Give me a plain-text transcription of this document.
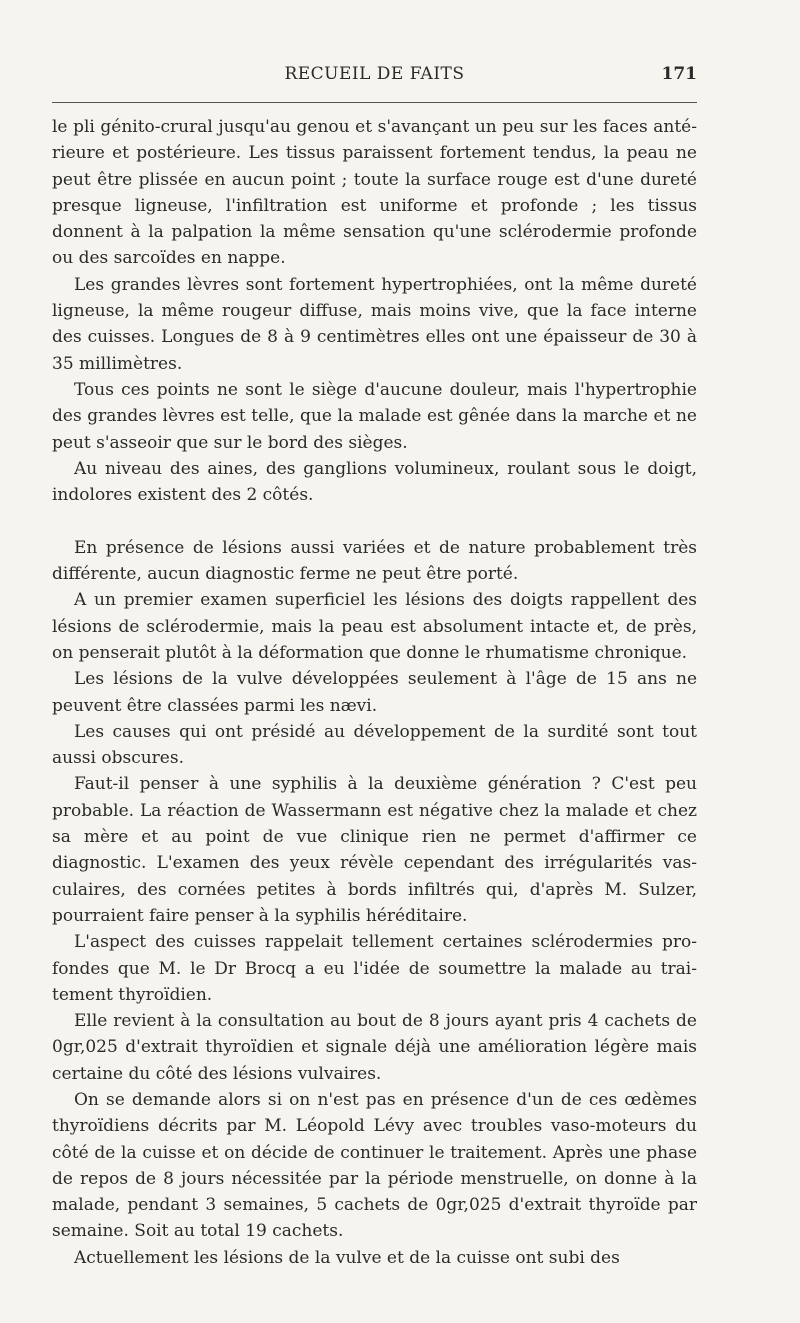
RECUEIL DE FAITS	171

le pli génito-crural jusqu'au genou et s'avançant un peu sur les faces antérieure et postérieure. Les tissus paraissent fortement tendus, la peau ne peut être plissée en aucun point ; toute la surface rouge est d'une dureté presque ligneuse, l'infiltration est uniforme et profonde ; les tissus donnent à la palpation la même sensation qu'une sclérodermie profonde ou des sarcoïdes en nappe.

Les grandes lèvres sont fortement hypertrophiées, ont la même dureté ligneuse, la même rougeur diffuse, mais moins vive, que la face interne des cuisses. Longues de 8 à 9 centimètres elles ont une épaisseur de 30 à 35 millimètres.

Tous ces points ne sont le siège d'aucune douleur, mais l'hypertrophie des grandes lèvres est telle, que la malade est gênée dans la marche et ne peut s'asseoir que sur le bord des sièges.

Au niveau des aines, des ganglions volumineux, roulant sous le doigt, indolores existent des 2 côtés.

En présence de lésions aussi variées et de nature probablement très différente, aucun diagnostic ferme ne peut être porté.

A un premier examen superficiel les lésions des doigts rappellent des lésions de sclérodermie, mais la peau est absolument intacte et, de près, on penserait plutôt à la déformation que donne le rhumatisme chronique.

Les lésions de la vulve développées seulement à l'âge de 15 ans ne peuvent être classées parmi les nævi.

Les causes qui ont présidé au développement de la surdité sont tout aussi obscures.

Faut-il penser à une syphilis à la deuxième génération ? C'est peu probable. La réaction de Wassermann est négative chez la malade et chez sa mère et au point de vue clinique rien ne permet d'affirmer ce diagnostic. L'examen des yeux révèle cependant des irrégularités vasculaires, des cornées petites à bords infiltrés qui, d'après M. Sulzer, pourraient faire penser à la syphilis héréditaire.

L'aspect des cuisses rappelait tellement certaines sclérodermies profondes que M. le Dr Brocq a eu l'idée de soumettre la malade au traitement thyroïdien.

Elle revient à la consultation au bout de 8 jours ayant pris 4 cachets de 0gr,025 d'extrait thyroïdien et signale déjà une amélioration légère mais certaine du côté des lésions vulvaires.

On se demande alors si on n'est pas en présence d'un de ces œdèmes thyroïdiens décrits par M. Léopold Lévy avec troubles vaso-moteurs du côté de la cuisse et on décide de continuer le traitement. Après une phase de repos de 8 jours nécessitée par la période menstruelle, on donne à la malade, pendant 3 semaines, 5 cachets de 0gr,025 d'extrait thyroïde par semaine. Soit au total 19 cachets.

Actuellement les lésions de la vulve et de la cuisse ont subi des
